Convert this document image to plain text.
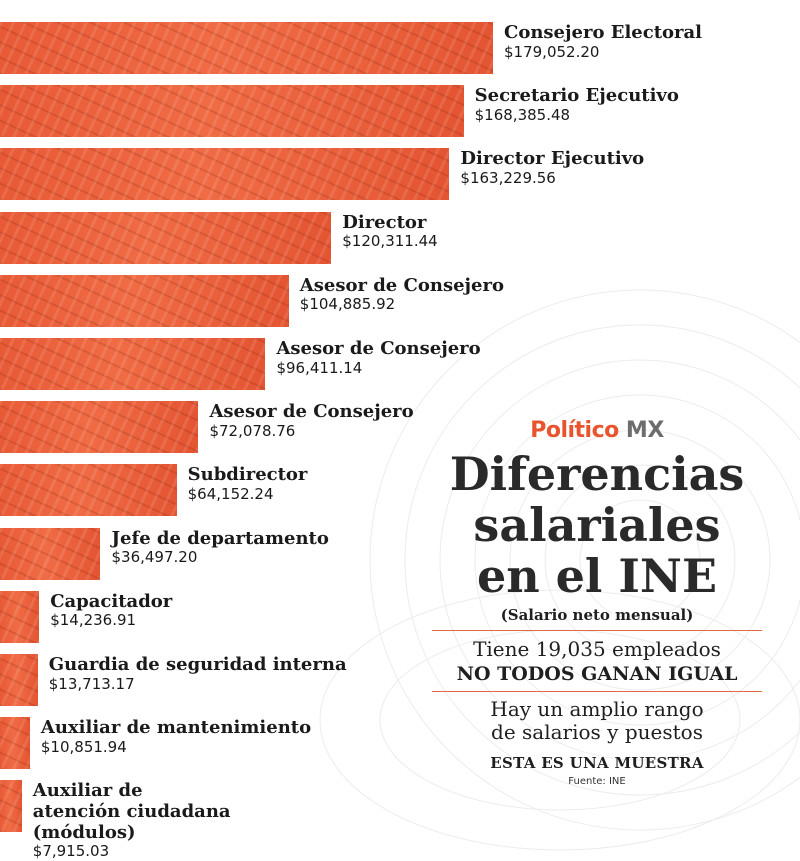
Consejero Electoral
$179,052.20
Secretario Ejecutivo
$168,385.48
Director Ejecutivo
$163,229.56
Director
$120,311.44
Asesor de Consejero
$104,885.92
Asesor de Consejero
$96,411.14
Asesor de Consejero
$72,078.76
Subdirector
$64,152.24
Jefe de departamento
$36,497.20
Capacitador
$14,236.91
Guardia de seguridad interna
$13,713.17
Auxiliar de mantenimiento
$10,851.94
Auxiliar de atención ciudadana (módulos)
$7,915.03
Político MX
Diferencias
salariales
en el INE
(Salario neto mensual)
Tiene 19,035 empleados
NO TODOS GANAN IGUAL
Hay un amplio rango
de salarios y puestos
ESTA ES UNA MUESTRA
Fuente: INE
